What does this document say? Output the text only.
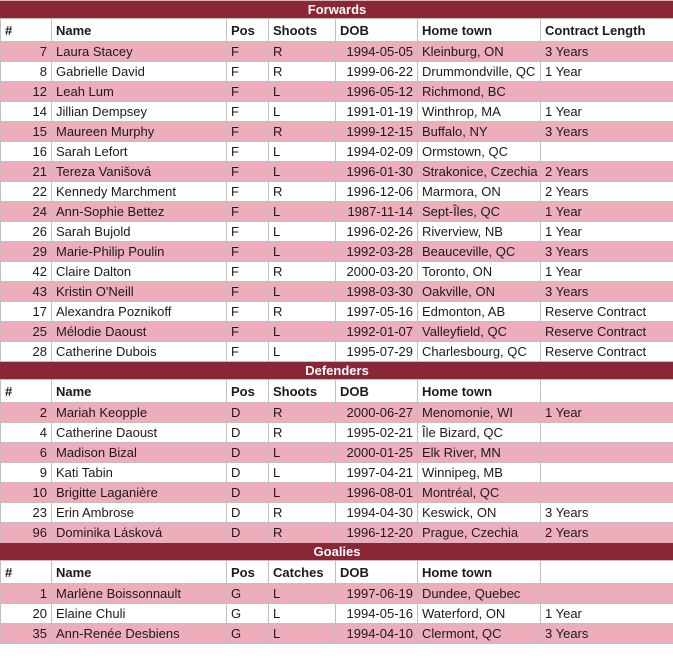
Forwards						
#	Name	Pos	Shoots	DOB	Home town	Contract Length
7	Laura Stacey	F	R	1994-05-05	Kleinburg, ON	3 Years
8	Gabrielle David	F	R	1999-06-22	Drummondville, QC	1 Year
12	Leah Lum	F	L	1996-05-12	Richmond, BC	
14	Jillian Dempsey	F	L	1991-01-19	Winthrop, MA	1 Year
15	Maureen Murphy	F	R	1999-12-15	Buffalo, NY	3 Years
16	Sarah Lefort	F	L	1994-02-09	Ormstown, QC	
21	Tereza Vanišová	F	L	1996-01-30	Strakonice, Czechia	2 Years
22	Kennedy Marchment	F	R	1996-12-06	Marmora, ON	2 Years
24	Ann-Sophie Bettez	F	L	1987-11-14	Sept-Îles, QC	1 Year
26	Sarah Bujold	F	L	1996-02-26	Riverview, NB	1 Year
29	Marie-Philip Poulin	F	L	1992-03-28	Beauceville, QC	3 Years
42	Claire Dalton	F	R	2000-03-20	Toronto, ON	1 Year
43	Kristin O'Neill	F	L	1998-03-30	Oakville, ON	3 Years
17	Alexandra Poznikoff	F	R	1997-05-16	Edmonton, AB	Reserve Contract
25	Mélodie Daoust	F	L	1992-01-07	Valleyfield, QC	Reserve Contract
28	Catherine Dubois	F	L	1995-07-29	Charlesbourg, QC	Reserve Contract
Defenders						
#	Name	Pos	Shoots	DOB	Home town	
2	Mariah Keopple	D	R	2000-06-27	Menomonie, WI	1 Year
4	Catherine Daoust	D	R	1995-02-21	Île Bizard, QC	
6	Madison Bizal	D	L	2000-01-25	Elk River, MN	
9	Kati Tabin	D	L	1997-04-21	Winnipeg, MB	
10	Brigitte Laganière	D	L	1996-08-01	Montréal, QC	
23	Erin Ambrose	D	R	1994-04-30	Keswick, ON	3 Years
96	Dominika Lásková	D	R	1996-12-20	Prague, Czechia	2 Years
Goalies						
#	Name	Pos	Catches	DOB	Home town	
1	Marlène Boissonnault	G	L	1997-06-19	Dundee, Quebec	
20	Elaine Chuli	G	L	1994-05-16	Waterford, ON	1 Year
35	Ann-Renée Desbiens	G	L	1994-04-10	Clermont, QC	3 Years
